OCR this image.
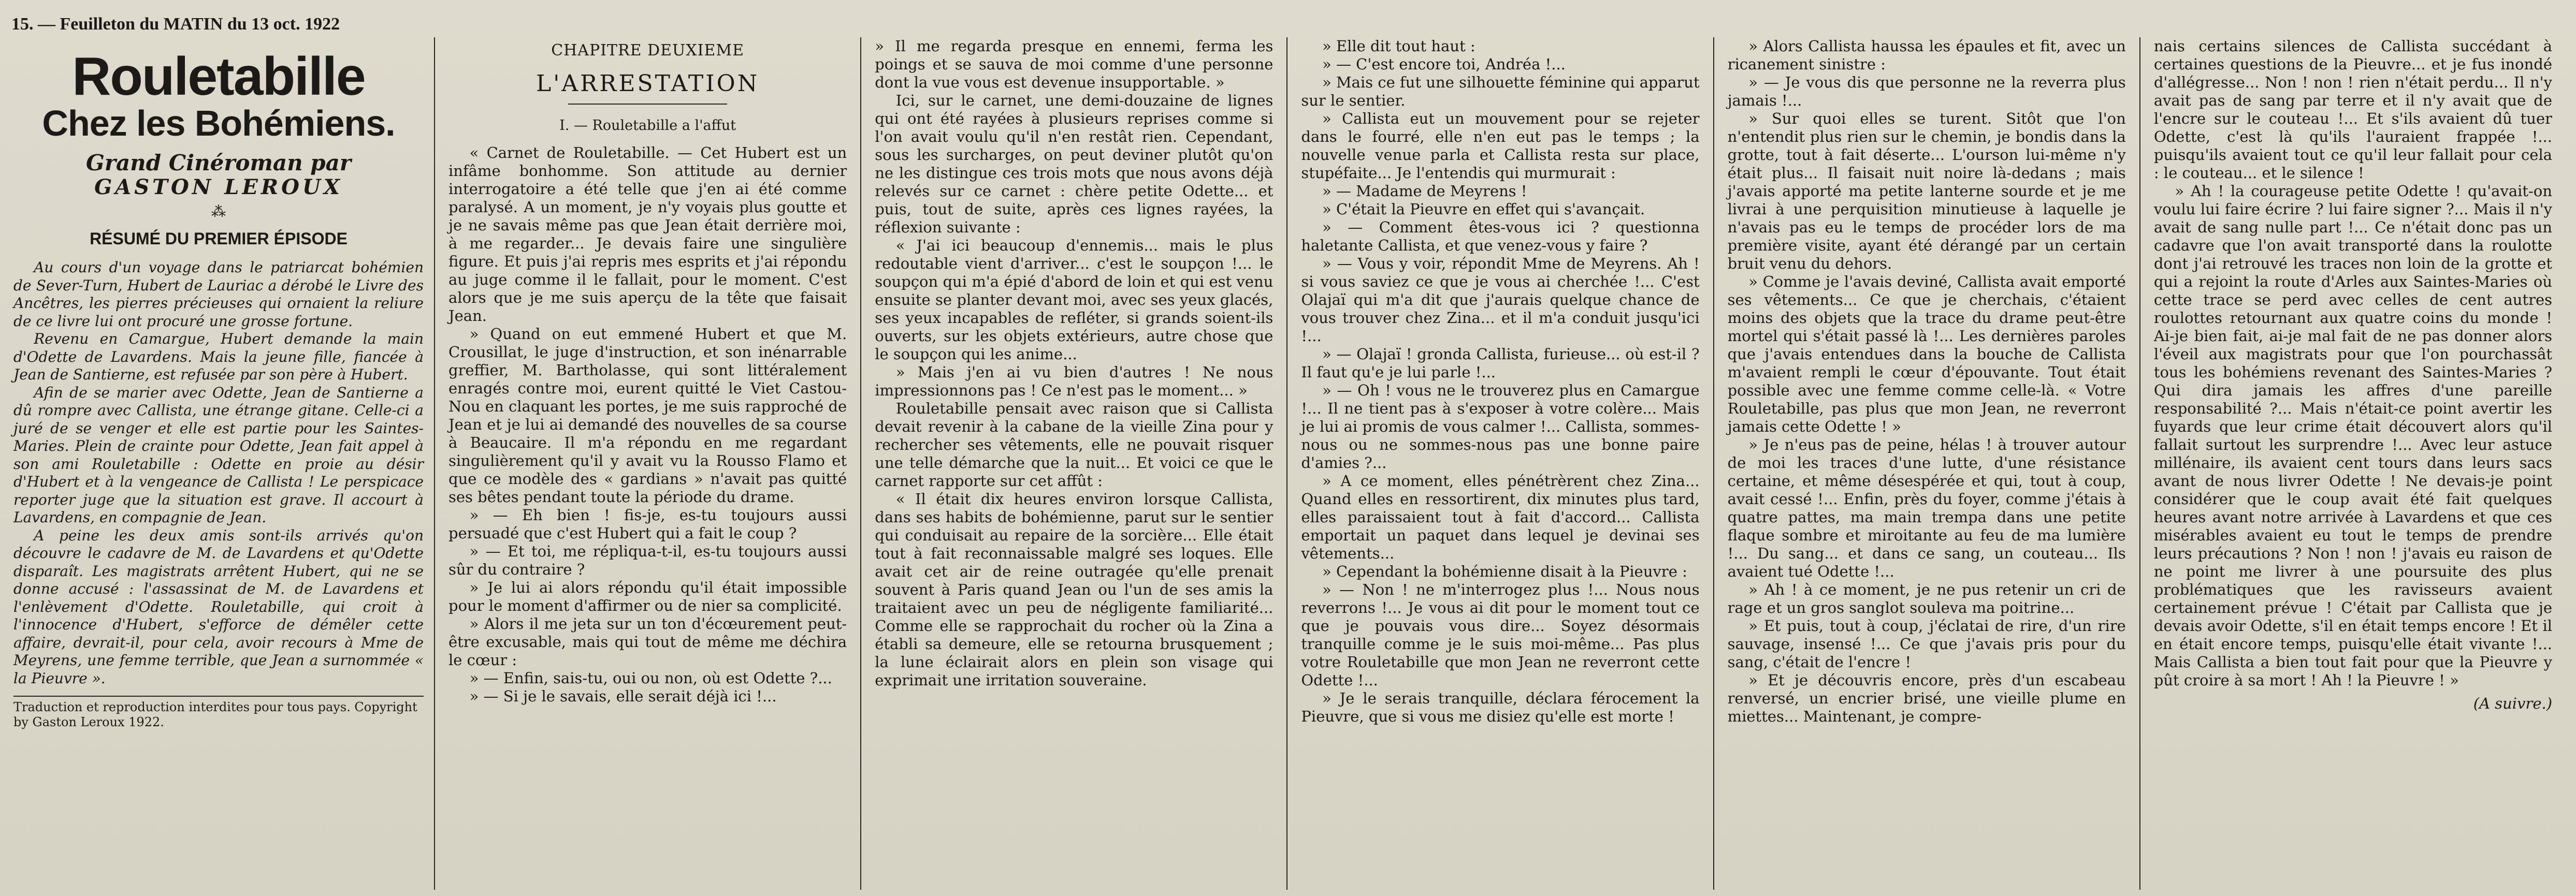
15. — Feuilleton du MATIN du 13 oct. 1922
Rouletabille
Chez les Bohémiens.
Grand Cinéroman par
GASTON LEROUX
⁂
RÉSUMÉ DU PREMIER ÉPISODE

Au cours d'un voyage dans le patriarcat bohémien de Sever-Turn, Hubert de Lauriac a dérobé le Livre des Ancêtres, les pierres précieuses qui ornaient la reliure de ce livre lui ont procuré une grosse fortune.

Revenu en Camargue, Hubert demande la main d'Odette de Lavardens. Mais la jeune fille, fiancée à Jean de Santierne, est refusée par son père à Hubert.

Afin de se marier avec Odette, Jean de Santierne a dû rompre avec Callista, une étrange gitane. Celle-ci a juré de se venger et elle est partie pour les Saintes-Maries. Plein de crainte pour Odette, Jean fait appel à son ami Rouletabille : Odette en proie au désir d'Hubert et à la vengeance de Callista ! Le perspicace reporter juge que la situation est grave. Il accourt à Lavardens, en compagnie de Jean.

A peine les deux amis sont-ils arrivés qu'on découvre le cadavre de M. de Lavardens et qu'Odette disparaît. Les magistrats arrêtent Hubert, qui ne se donne accusé : l'assassinat de M. de Lavardens et l'enlèvement d'Odette. Rouletabille, qui croit à l'innocence d'Hubert, s'efforce de démêler cette affaire, devrait-il, pour cela, avoir recours à Mme de Meyrens, une femme terrible, que Jean a surnommée « la Pieuvre ».

Traduction et reproduction interdites pour tous pays. Copyright by Gaston Leroux 1922.
CHAPITRE DEUXIEME
L'ARRESTATION
I. — Rouletabille a l'affut

« Carnet de Rouletabille. — Cet Hubert est un infâme bonhomme. Son attitude au dernier interrogatoire a été telle que j'en ai été comme paralysé. A un moment, je n'y voyais plus goutte et je ne savais même pas que Jean était derrière moi, à me regarder... Je devais faire une singulière figure. Et puis j'ai repris mes esprits et j'ai répondu au juge comme il le fallait, pour le moment. C'est alors que je me suis aperçu de la tête que faisait Jean.

» Quand on eut emmené Hubert et que M. Crousillat, le juge d'instruction, et son inénarrable greffier, M. Bartholasse, qui sont littéralement enragés contre moi, eurent quitté le Viet Castou-Nou en claquant les portes, je me suis rapproché de Jean et je lui ai demandé des nouvelles de sa course à Beaucaire. Il m'a répondu en me regardant singulièrement qu'il y avait vu la Rousso Flamo et que ce modèle des « gardians » n'avait pas quitté ses bêtes pendant toute la période du drame.

» — Eh bien ! fis-je, es-tu toujours aussi persuadé que c'est Hubert qui a fait le coup ?

» — Et toi, me répliqua-t-il, es-tu toujours aussi sûr du contraire ?

» Je lui ai alors répondu qu'il était impossible pour le moment d'affirmer ou de nier sa complicité.

» Alors il me jeta sur un ton d'écœurement peut-être excusable, mais qui tout de même me déchira le cœur :

» — Enfin, sais-tu, oui ou non, où est Odette ?...

» — Si je le savais, elle serait déjà ici !...

» Il me regarda presque en ennemi, ferma les poings et se sauva de moi comme d'une personne dont la vue vous est devenue insupportable. »

Ici, sur le carnet, une demi-douzaine de lignes qui ont été rayées à plusieurs reprises comme si l'on avait voulu qu'il n'en restât rien. Cependant, sous les surcharges, on peut deviner plutôt qu'on ne les distingue ces trois mots que nous avons déjà relevés sur ce carnet : chère petite Odette... et puis, tout de suite, après ces lignes rayées, la réflexion suivante :

« J'ai ici beaucoup d'ennemis... mais le plus redoutable vient d'arriver... c'est le soupçon !... le soupçon qui m'a épié d'abord de loin et qui est venu ensuite se planter devant moi, avec ses yeux glacés, ses yeux incapables de refléter, si grands soient-ils ouverts, sur les objets extérieurs, autre chose que le soupçon qui les anime...

» Mais j'en ai vu bien d'autres ! Ne nous impressionnons pas ! Ce n'est pas le moment... »

Rouletabille pensait avec raison que si Callista devait revenir à la cabane de la vieille Zina pour y rechercher ses vêtements, elle ne pouvait risquer une telle démarche que la nuit... Et voici ce que le carnet rapporte sur cet affût :

« Il était dix heures environ lorsque Callista, dans ses habits de bohémienne, parut sur le sentier qui conduisait au repaire de la sorcière... Elle était tout à fait reconnaissable malgré ses loques. Elle avait cet air de reine outragée qu'elle prenait souvent à Paris quand Jean ou l'un de ses amis la traitaient avec un peu de négligente familiarité... Comme elle se rapprochait du rocher où la Zina a établi sa demeure, elle se retourna brusquement ; la lune éclairait alors en plein son visage qui exprimait une irritation souveraine.

» Elle dit tout haut :

» — C'est encore toi, Andréa !...

» Mais ce fut une silhouette féminine qui apparut sur le sentier.

» Callista eut un mouvement pour se rejeter dans le fourré, elle n'en eut pas le temps ; la nouvelle venue parla et Callista resta sur place, stupéfaite... Je l'entendis qui murmurait :

» — Madame de Meyrens !

» C'était la Pieuvre en effet qui s'avançait.

» — Comment êtes-vous ici ? questionna haletante Callista, et que venez-vous y faire ?

» — Vous y voir, répondit Mme de Meyrens. Ah ! si vous saviez ce que je vous ai cherchée !... C'est Olajaï qui m'a dit que j'aurais quelque chance de vous trouver chez Zina... et il m'a conduit jusqu'ici !...

» — Olajaï ! gronda Callista, furieuse... où est-il ? Il faut qu'e je lui parle !...

» — Oh ! vous ne le trouverez plus en Camargue !... Il ne tient pas à s'exposer à votre colère... Mais je lui ai promis de vous calmer !... Callista, sommes-nous ou ne sommes-nous pas une bonne paire d'amies ?...

» A ce moment, elles pénétrèrent chez Zina... Quand elles en ressortirent, dix minutes plus tard, elles paraissaient tout à fait d'accord... Callista emportait un paquet dans lequel je devinai ses vêtements...

» Cependant la bohémienne disait à la Pieuvre :

» — Non ! ne m'interrogez plus !... Nous nous reverrons !... Je vous ai dit pour le moment tout ce que je pouvais vous dire... Soyez désormais tranquille comme je le suis moi-même... Pas plus votre Rouletabille que mon Jean ne reverront cette Odette !...

» Je le serais tranquille, déclara férocement la Pieuvre, que si vous me disiez qu'elle est morte !

» Alors Callista haussa les épaules et fit, avec un ricanement sinistre :

» — Je vous dis que personne ne la reverra plus jamais !...

» Sur quoi elles se turent. Sitôt que l'on n'entendit plus rien sur le chemin, je bondis dans la grotte, tout à fait déserte... L'ourson lui-même n'y était plus... Il faisait nuit noire là-dedans ; mais j'avais apporté ma petite lanterne sourde et je me livrai à une perquisition minutieuse à laquelle je n'avais pas eu le temps de procéder lors de ma première visite, ayant été dérangé par un certain bruit venu du dehors.

» Comme je l'avais deviné, Callista avait emporté ses vêtements... Ce que je cherchais, c'étaient moins des objets que la trace du drame peut-être mortel qui s'était passé là !... Les dernières paroles que j'avais entendues dans la bouche de Callista m'avaient rempli le cœur d'épouvante. Tout était possible avec une femme comme celle-là. « Votre Rouletabille, pas plus que mon Jean, ne reverront jamais cette Odette ! »

» Je n'eus pas de peine, hélas ! à trouver autour de moi les traces d'une lutte, d'une résistance certaine, et même désespérée et qui, tout à coup, avait cessé !... Enfin, près du foyer, comme j'étais à quatre pattes, ma main trempa dans une petite flaque sombre et miroitante au feu de ma lumière !... Du sang... et dans ce sang, un couteau... Ils avaient tué Odette !...

» Ah ! à ce moment, je ne pus retenir un cri de rage et un gros sanglot souleva ma poitrine...

» Et puis, tout à coup, j'éclatai de rire, d'un rire sauvage, insensé !... Ce que j'avais pris pour du sang, c'était de l'encre !

» Et je découvris encore, près d'un escabeau renversé, un encrier brisé, une vieille plume en miettes... Maintenant, je compre-

nais certains silences de Callista succédant à certaines questions de la Pieuvre... et je fus inondé d'allégresse... Non ! non ! rien n'était perdu... Il n'y avait pas de sang par terre et il n'y avait que de l'encre sur le couteau !... Et s'ils avaient dû tuer Odette, c'est là qu'ils l'auraient frappée !... puisqu'ils avaient tout ce qu'il leur fallait pour cela : le couteau... et le silence !

» Ah ! la courageuse petite Odette ! qu'avait-on voulu lui faire écrire ? lui faire signer ?... Mais il n'y avait de sang nulle part !... Ce n'était donc pas un cadavre que l'on avait transporté dans la roulotte dont j'ai retrouvé les traces non loin de la grotte et qui a rejoint la route d'Arles aux Saintes-Maries où cette trace se perd avec celles de cent autres roulottes retournant aux quatre coins du monde ! Ai-je bien fait, ai-je mal fait de ne pas donner alors l'éveil aux magistrats pour que l'on pourchassât tous les bohémiens revenant des Saintes-Maries ? Qui dira jamais les affres d'une pareille responsabilité ?... Mais n'était-ce point avertir les fuyards que leur crime était découvert alors qu'il fallait surtout les surprendre !... Avec leur astuce millénaire, ils avaient cent tours dans leurs sacs avant de nous livrer Odette ! Ne devais-je point considérer que le coup avait été fait quelques heures avant notre arrivée à Lavardens et que ces misérables avaient eu tout le temps de prendre leurs précautions ? Non ! non ! j'avais eu raison de ne point me livrer à une poursuite des plus problématiques que les ravisseurs avaient certainement prévue ! C'était par Callista que je devais avoir Odette, s'il en était temps encore ! Et il en était encore temps, puisqu'elle était vivante !... Mais Callista a bien tout fait pour que la Pieuvre y pût croire à sa mort ! Ah ! la Pieuvre ! »

(A suivre.)
